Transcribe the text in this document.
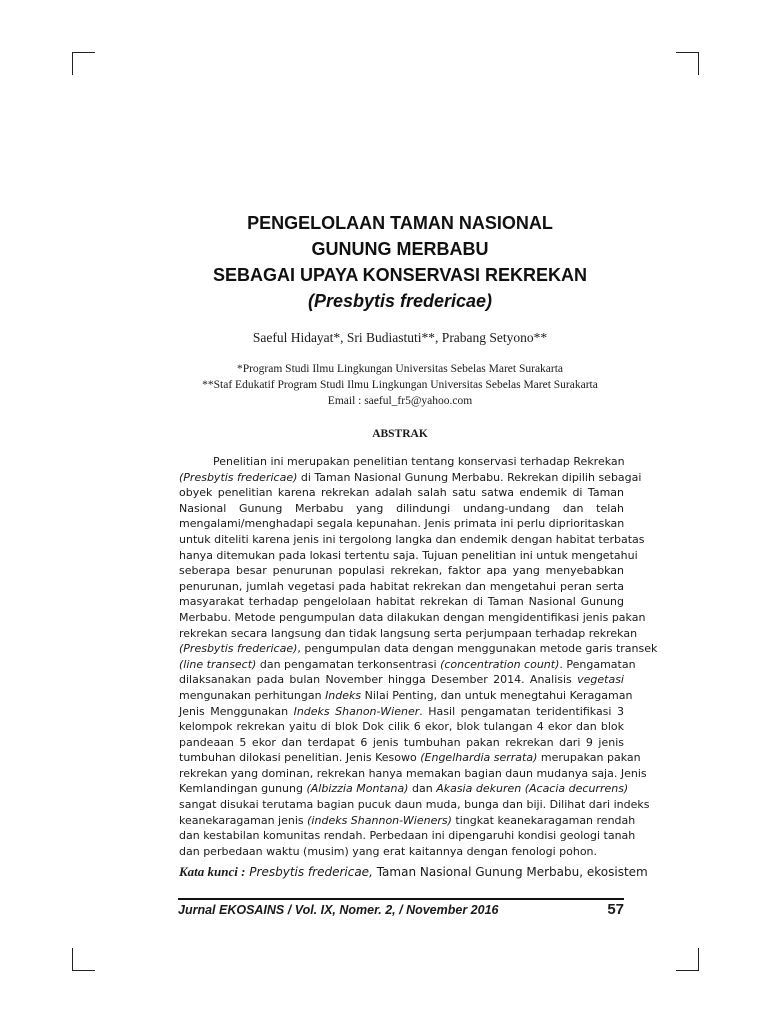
PENGELOLAAN TAMAN NASIONAL
GUNUNG MERBABU
SEBAGAI UPAYA KONSERVASI REKREKAN
(Presbytis fredericae)
Saeful Hidayat*, Sri Budiastuti**, Prabang Setyono**
*Program Studi Ilmu Lingkungan Universitas Sebelas Maret Surakarta
**Staf Edukatif Program Studi Ilmu Lingkungan Universitas Sebelas Maret Surakarta
Email : saeful_fr5@yahoo.com
ABSTRAK
Penelitian ini merupakan penelitian tentang konservasi terhadap Rekrekan
(Presbytis fredericae) di Taman Nasional Gunung Merbabu. Rekrekan dipilih sebagai
obyek penelitian karena rekrekan adalah salah satu satwa endemik di Taman
Nasional Gunung Merbabu yang dilindungi undang-undang dan telah
mengalami/menghadapi segala kepunahan. Jenis primata ini perlu diprioritaskan
untuk diteliti karena jenis ini tergolong langka dan endemik dengan habitat terbatas
hanya ditemukan pada lokasi tertentu saja. Tujuan penelitian ini untuk mengetahui
seberapa besar penurunan populasi rekrekan, faktor apa yang menyebabkan
penurunan, jumlah vegetasi pada habitat rekrekan dan mengetahui peran serta
masyarakat terhadap pengelolaan habitat rekrekan di Taman Nasional Gunung
Merbabu. Metode pengumpulan data dilakukan dengan mengidentifikasi jenis pakan
rekrekan secara langsung dan tidak langsung serta perjumpaan terhadap rekrekan
(Presbytis fredericae), pengumpulan data dengan menggunakan metode garis transek
(line transect) dan pengamatan terkonsentrasi (concentration count). Pengamatan
dilaksanakan pada bulan November hingga Desember 2014. Analisis vegetasi
mengunakan perhitungan Indeks Nilai Penting, dan untuk menegtahui Keragaman
Jenis Menggunakan Indeks Shanon-Wiener. Hasil pengamatan teridentifikasi 3
kelompok rekrekan yaitu di blok Dok cilik 6 ekor, blok tulangan 4 ekor dan blok
pandeaan 5 ekor dan terdapat 6 jenis tumbuhan pakan rekrekan dari 9 jenis
tumbuhan dilokasi penelitian. Jenis Kesowo (Engelhardia serrata) merupakan pakan
rekrekan yang dominan, rekrekan hanya memakan bagian daun mudanya saja. Jenis
Kemlandingan gunung (Albizzia Montana) dan Akasia dekuren (Acacia decurrens)
sangat disukai terutama bagian pucuk daun muda, bunga dan biji. Dilihat dari indeks
keanekaragaman jenis (indeks Shannon-Wieners) tingkat keanekaragaman rendah
dan kestabilan komunitas rendah. Perbedaan ini dipengaruhi kondisi geologi tanah
dan perbedaan waktu (musim) yang erat kaitannya dengan fenologi pohon.
Kata kunci : Presbytis fredericae, Taman Nasional Gunung Merbabu, ekosistem
Jurnal EKOSAINS / Vol. IX, Nomer. 2, / November 2016	57
